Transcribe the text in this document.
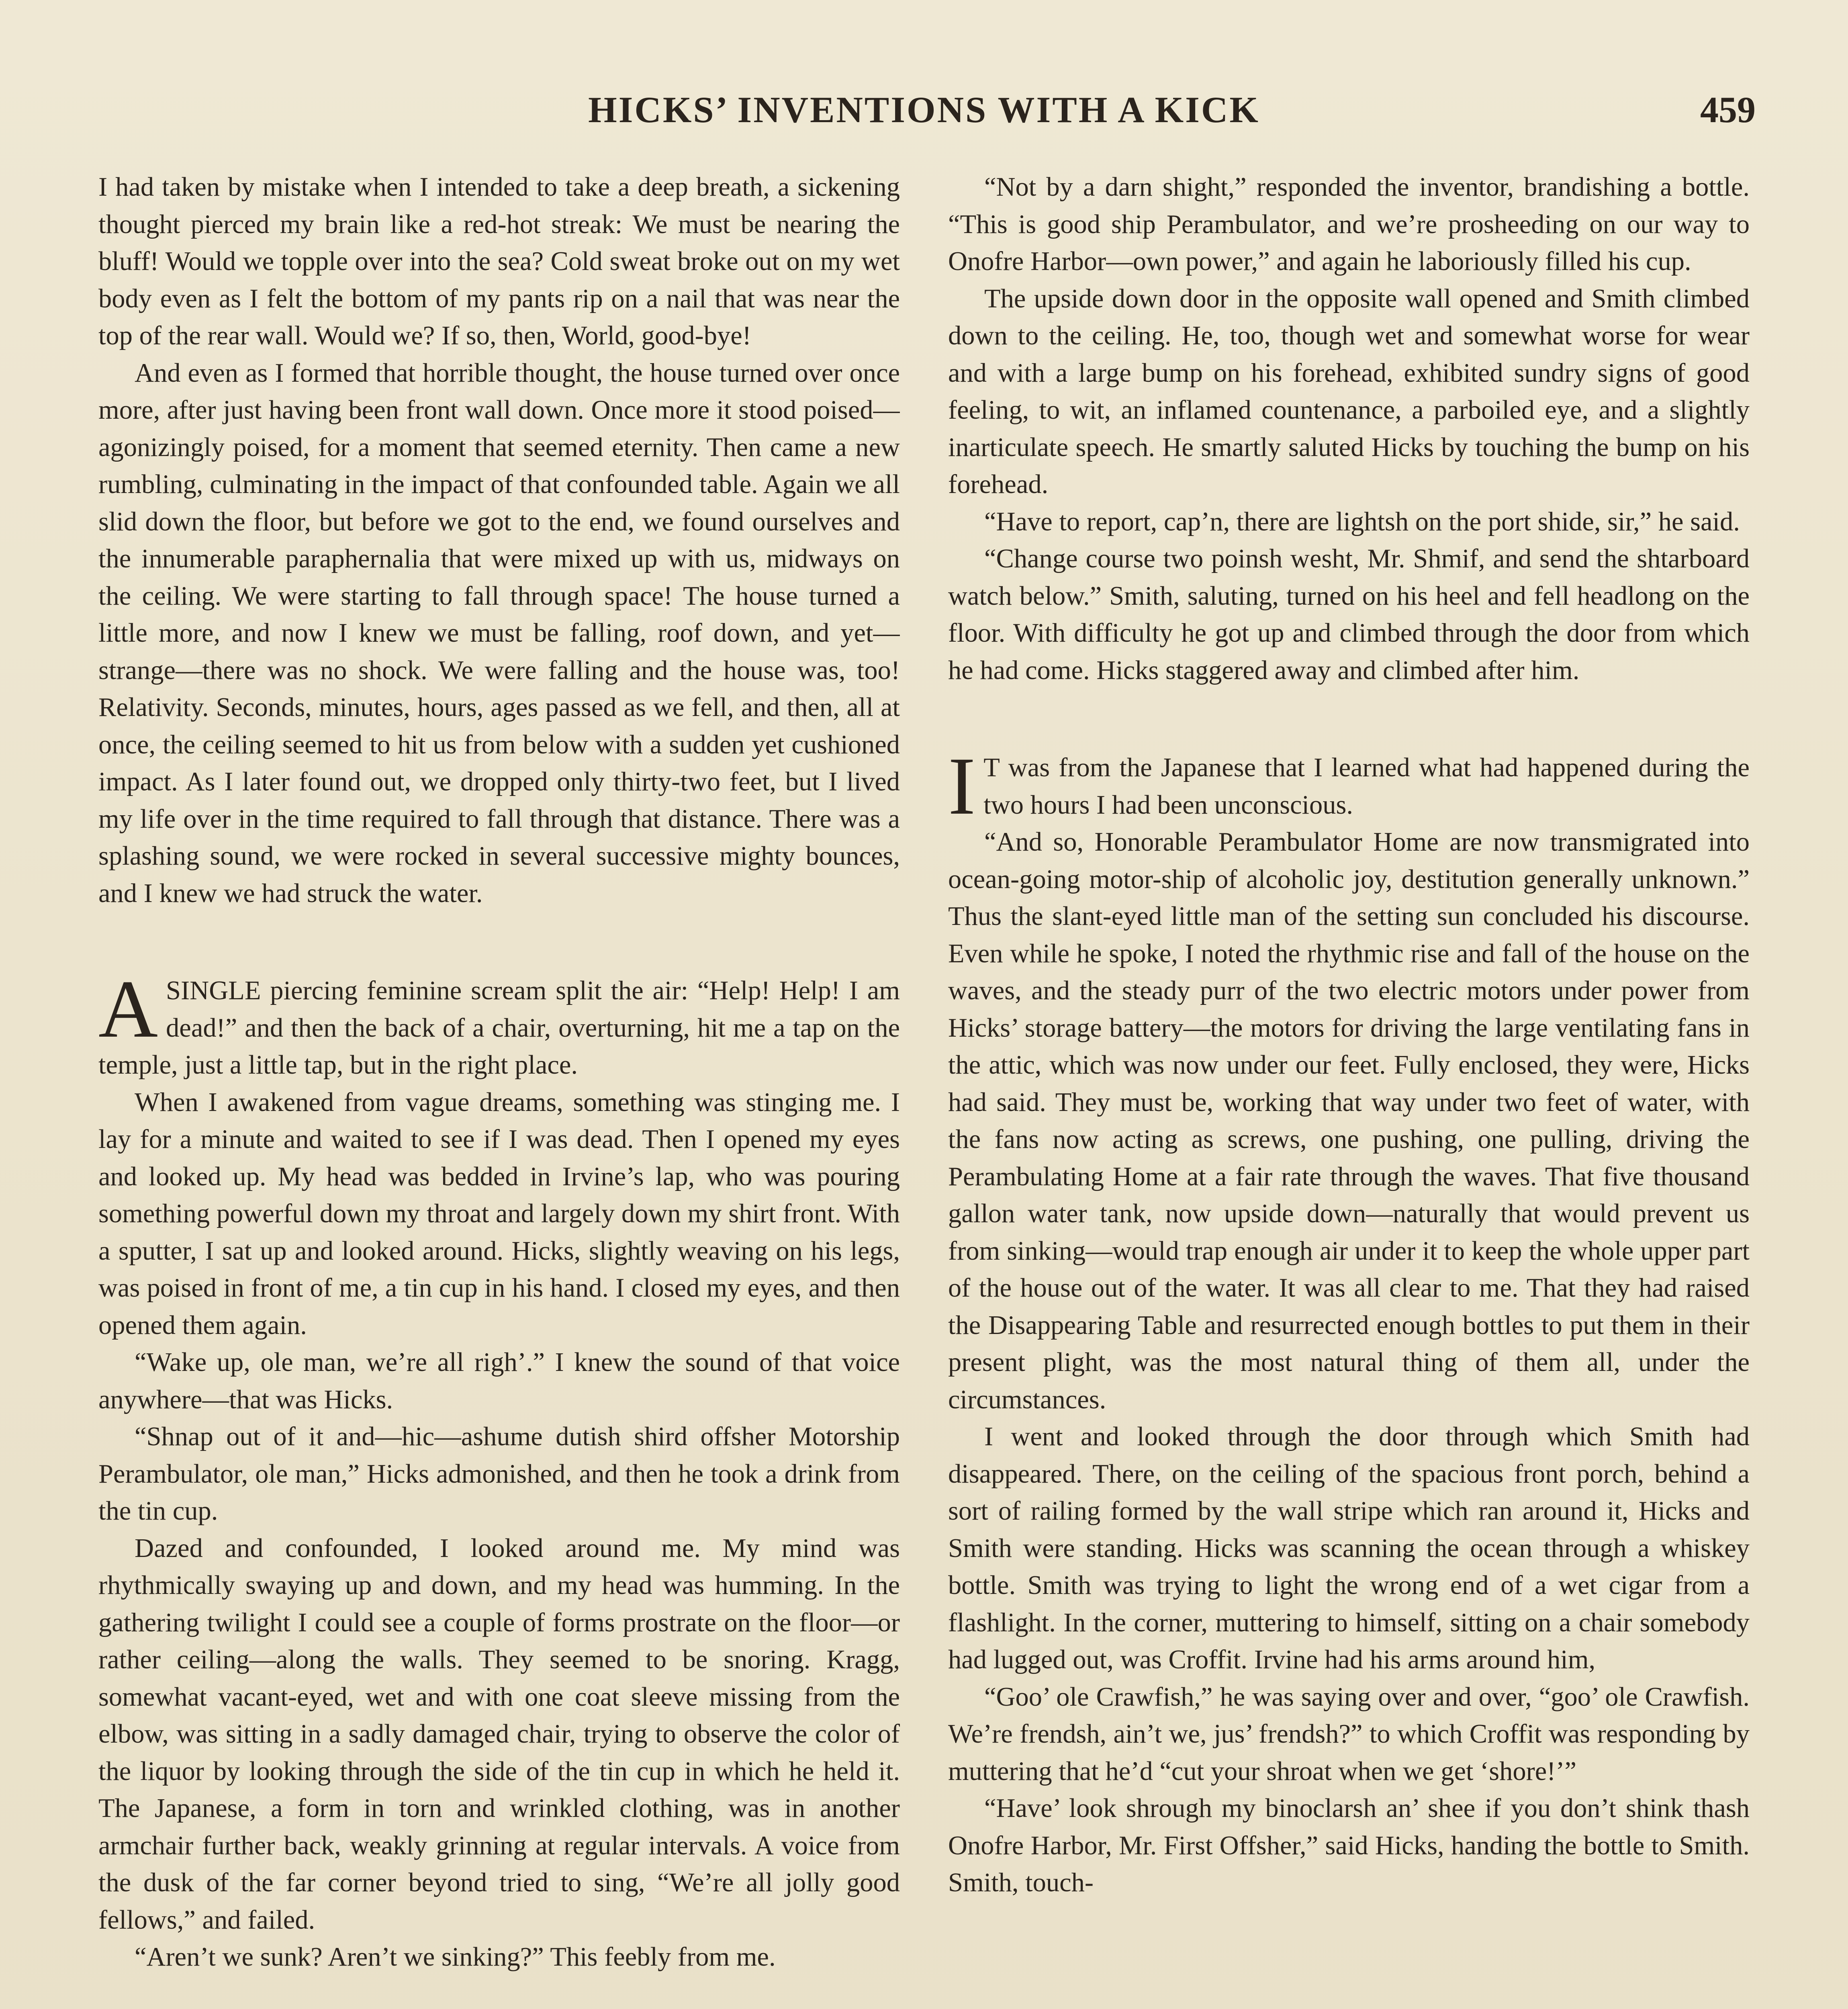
HICKS’ INVENTIONS WITH A KICK	459

I had taken by mistake when I intended to take a deep breath, a sickening thought pierced my brain like a red-hot streak: We must be nearing the bluff! Would we topple over into the sea? Cold sweat broke out on my wet body even as I felt the bottom of my pants rip on a nail that was near the top of the rear wall. Would we? If so, then, World, good-bye!

And even as I formed that horrible thought, the house turned over once more, after just having been front wall down. Once more it stood poised—agonizingly poised, for a moment that seemed eternity. Then came a new rumbling, culminating in the impact of that confounded table. Again we all slid down the floor, but before we got to the end, we found ourselves and the innumerable paraphernalia that were mixed up with us, midways on the ceiling. We were starting to fall through space! The house turned a little more, and now I knew we must be falling, roof down, and yet—strange—there was no shock. We were falling and the house was, too! Relativity. Seconds, minutes, hours, ages passed as we fell, and then, all at once, the ceiling seemed to hit us from below with a sudden yet cushioned impact. As I later found out, we dropped only thirty-two feet, but I lived my life over in the time required to fall through that distance. There was a splashing sound, we were rocked in several successive mighty bounces, and I knew we had struck the water.

ASINGLE piercing feminine scream split the air: “Help! Help! I am dead!” and then the back of a chair, overturning, hit me a tap on the temple, just a little tap, but in the right place.

When I awakened from vague dreams, something was stinging me. I lay for a minute and waited to see if I was dead. Then I opened my eyes and looked up. My head was bedded in Irvine’s lap, who was pouring something powerful down my throat and largely down my shirt front. With a sputter, I sat up and looked around. Hicks, slightly weaving on his legs, was poised in front of me, a tin cup in his hand. I closed my eyes, and then opened them again.

“Wake up, ole man, we’re all righ’.” I knew the sound of that voice anywhere—that was Hicks.

“Shnap out of it and—hic—ashume dutish shird offsher Motorship Perambulator, ole man,” Hicks admonished, and then he took a drink from the tin cup.

Dazed and confounded, I looked around me. My mind was rhythmically swaying up and down, and my head was humming. In the gathering twilight I could see a couple of forms prostrate on the floor—or rather ceiling—along the walls. They seemed to be snoring. Kragg, somewhat vacant-eyed, wet and with one coat sleeve missing from the elbow, was sitting in a sadly damaged chair, trying to observe the color of the liquor by looking through the side of the tin cup in which he held it. The Japanese, a form in torn and wrinkled clothing, was in another armchair further back, weakly grinning at regular intervals. A voice from the dusk of the far corner beyond tried to sing, “We’re all jolly good fellows,” and failed.

“Aren’t we sunk? Aren’t we sinking?” This feebly from me.

“Not by a darn shight,” responded the inventor, brandishing a bottle. “This is good ship Perambulator, and we’re prosheeding on our way to Onofre Harbor—own power,” and again he laboriously filled his cup.

The upside down door in the opposite wall opened and Smith climbed down to the ceiling. He, too, though wet and somewhat worse for wear and with a large bump on his forehead, exhibited sundry signs of good feeling, to wit, an inflamed countenance, a parboiled eye, and a slightly inarticulate speech. He smartly saluted Hicks by touching the bump on his forehead.

“Have to report, cap’n, there are lightsh on the port shide, sir,” he said.

“Change course two poinsh wesht, Mr. Shmif, and send the shtarboard watch below.” Smith, saluting, turned on his heel and fell headlong on the floor. With difficulty he got up and climbed through the door from which he had come. Hicks staggered away and climbed after him.

I T was from the Japanese that I learned what had happened during the two hours I had been unconscious.

“And so, Honorable Perambulator Home are now transmigrated into ocean-going motor-ship of alcoholic joy, destitution generally unknown.” Thus the slant-eyed little man of the setting sun concluded his discourse. Even while he spoke, I noted the rhythmic rise and fall of the house on the waves, and the steady purr of the two electric motors under power from Hicks’ storage battery—the motors for driving the large ventilating fans in the attic, which was now under our feet. Fully enclosed, they were, Hicks had said. They must be, working that way under two feet of water, with the fans now acting as screws, one pushing, one pulling, driving the Perambulating Home at a fair rate through the waves. That five thousand gallon water tank, now upside down—naturally that would prevent us from sinking—would trap enough air under it to keep the whole upper part of the house out of the water. It was all clear to me. That they had raised the Disappearing Table and resurrected enough bottles to put them in their present plight, was the most natural thing of them all, under the circumstances.

I went and looked through the door through which Smith had disappeared. There, on the ceiling of the spacious front porch, behind a sort of railing formed by the wall stripe which ran around it, Hicks and Smith were standing. Hicks was scanning the ocean through a whiskey bottle. Smith was trying to light the wrong end of a wet cigar from a flashlight. In the corner, muttering to himself, sitting on a chair somebody had lugged out, was Croffit. Irvine had his arms around him,

“Goo’ ole Crawfish,” he was saying over and over, “goo’ ole Crawfish. We’re frendsh, ain’t we, jus’ frendsh?” to which Croffit was responding by muttering that he’d “cut your shroat when we get ‘shore!’”

“Have’ look shrough my binoclarsh an’ shee if you don’t shink thash Onofre Harbor, Mr. First Offsher,” said Hicks, handing the bottle to Smith. Smith, touch-
